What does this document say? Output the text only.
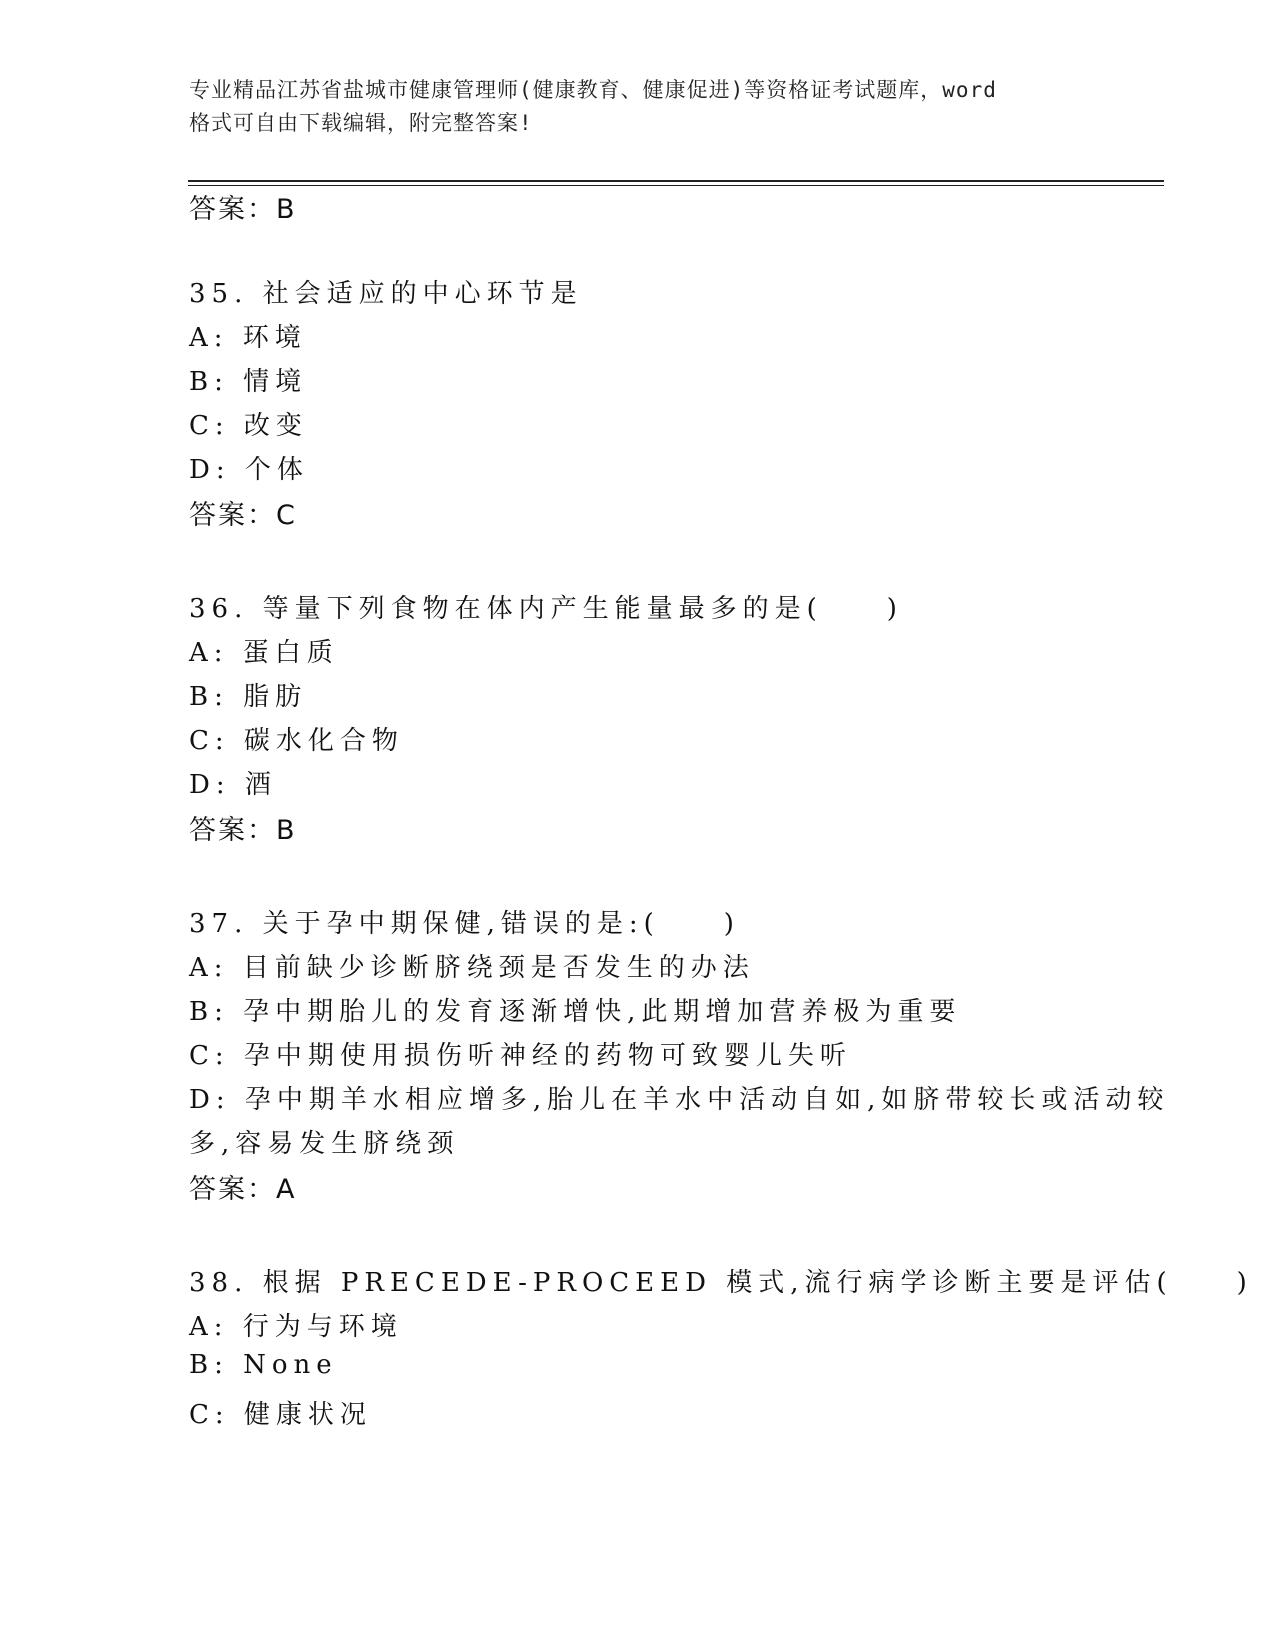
专业精品江苏省盐城市健康管理师(健康教育、健康促进)等资格证考试题库，word
格式可自由下载编辑，附完整答案!
答案：B
35. 社会适应的中心环节是
A: 环境
B: 情境
C: 改变
D: 个体
答案：C
36. 等量下列食物在体内产生能量最多的是(　　)
A: 蛋白质
B: 脂肪
C: 碳水化合物
D: 酒
答案：B
37. 关于孕中期保健,错误的是:(　　)
A: 目前缺少诊断脐绕颈是否发生的办法
B: 孕中期胎儿的发育逐渐增快,此期增加营养极为重要
C: 孕中期使用损伤听神经的药物可致婴儿失听
D: 孕中期羊水相应增多,胎儿在羊水中活动自如,如脐带较长或活动较
多,容易发生脐绕颈
答案：A
38. 根据 PRECEDE-PROCEED 模式,流行病学诊断主要是评估(　　)
A: 行为与环境
B: None
C: 健康状况
